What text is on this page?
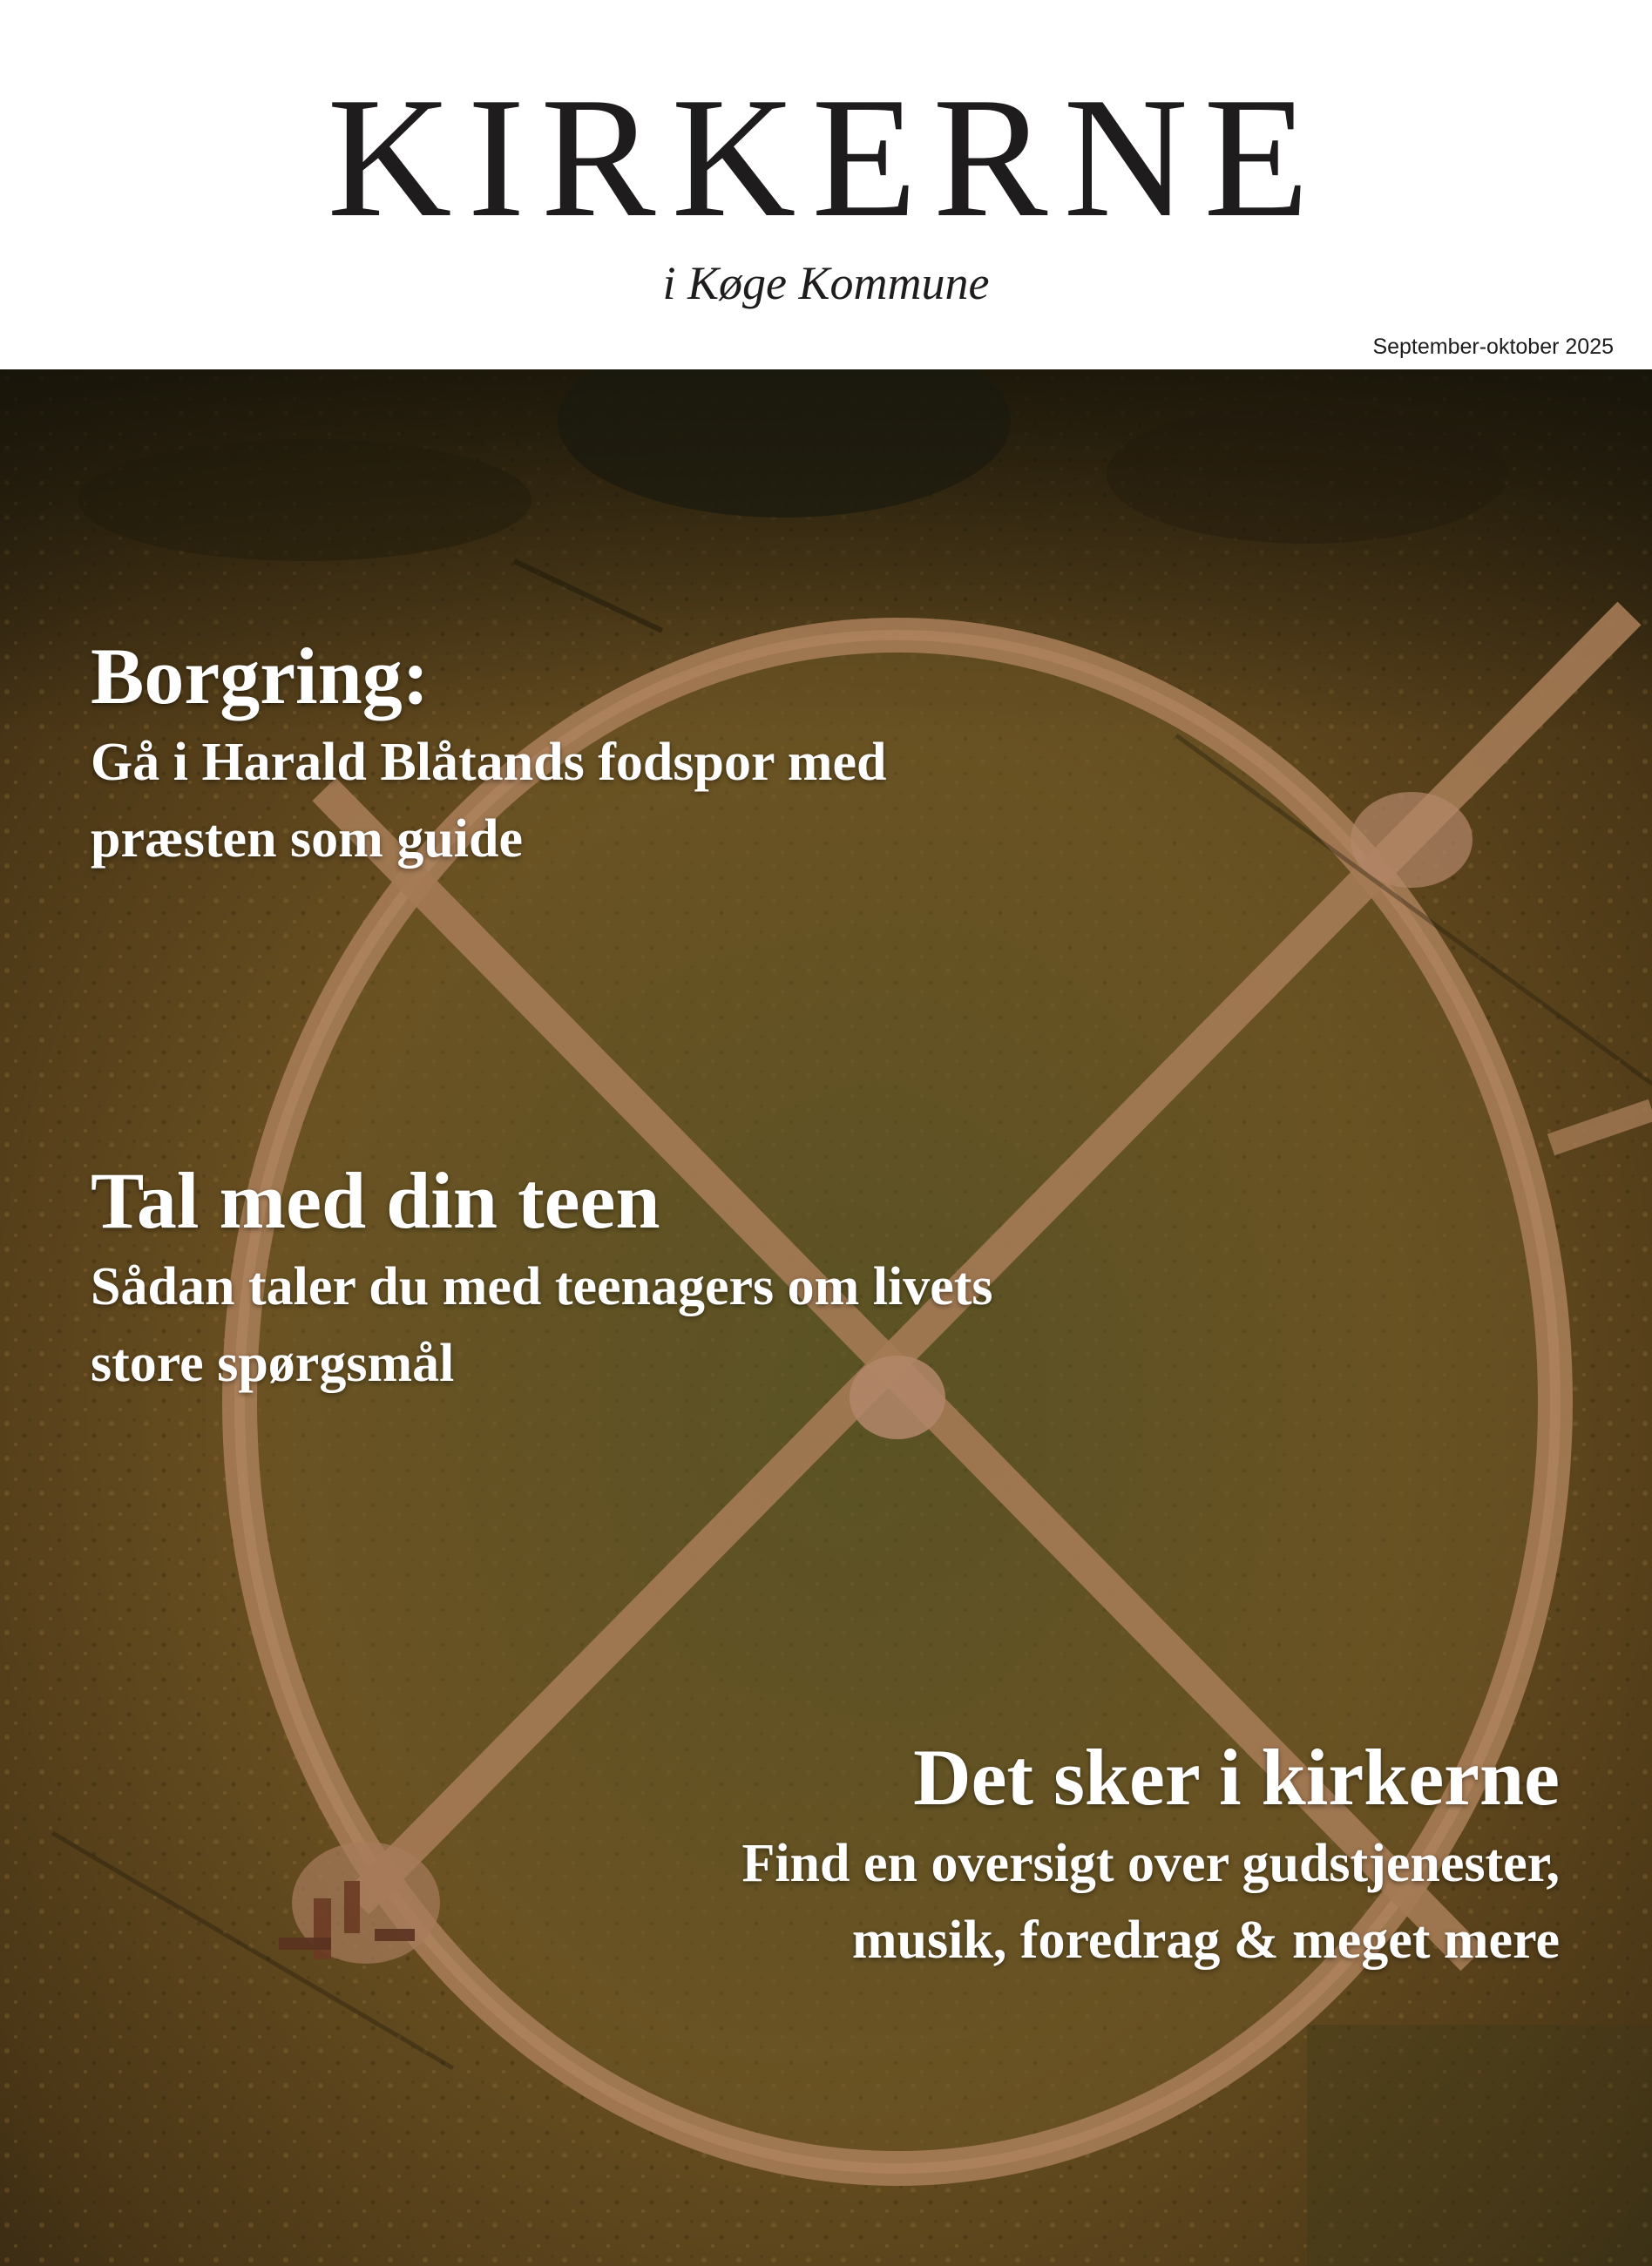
KIRKERNE
i Køge Kommune
September-oktober 2025
Borgring:

Gå i Harald Blåtands fodspor med præsten som guide

Tal med din teen

Sådan taler du med teenagers om livets store spørgsmål

Det sker i kirkerne

Find en oversigt over gudstjenester, musik, foredrag & meget mere
